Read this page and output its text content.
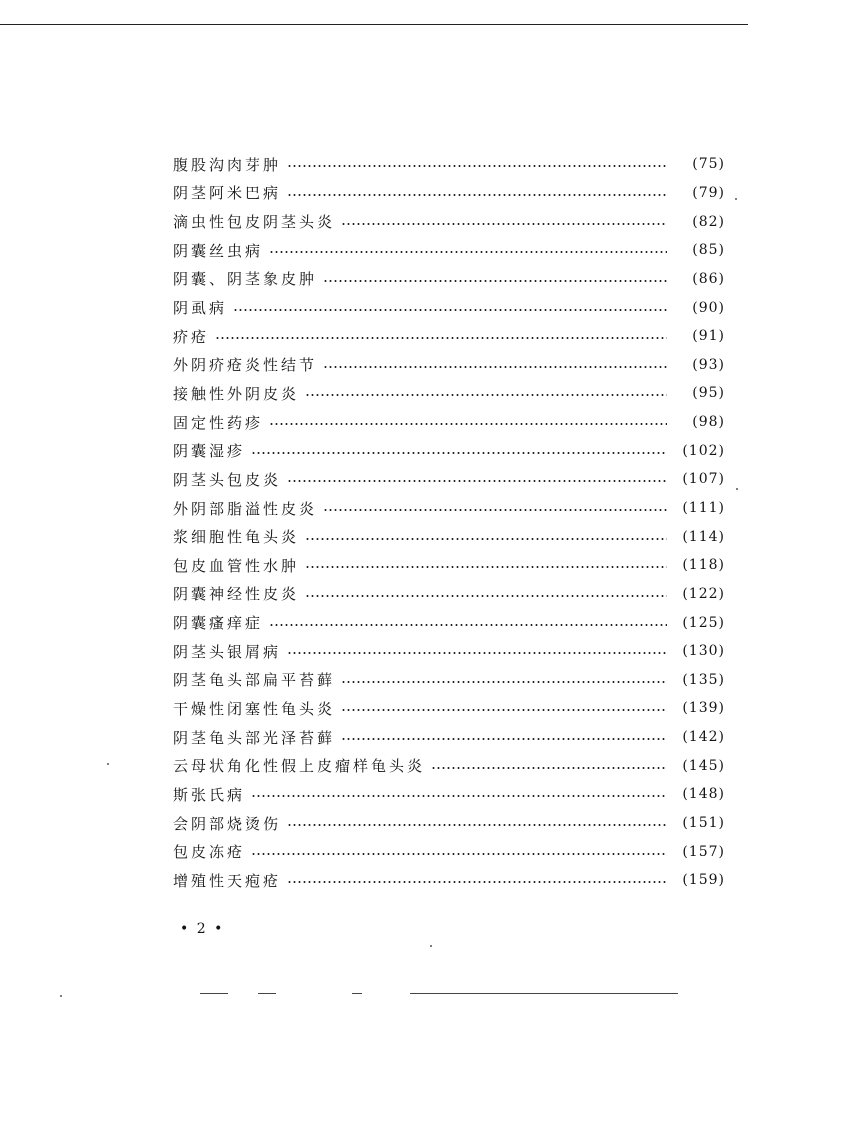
腹股沟肉芽肿	(75)
阴茎阿米巴病	(79)
滴虫性包皮阴茎头炎	(82)
阴囊丝虫病	(85)
阴囊、阴茎象皮肿	(86)
阴虱病	(90)
疥疮	(91)
外阴疥疮炎性结节	(93)
接触性外阴皮炎	(95)
固定性药疹	(98)
阴囊湿疹	(102)
阴茎头包皮炎	(107)
外阴部脂溢性皮炎	(111)
浆细胞性龟头炎	(114)
包皮血管性水肿	(118)
阴囊神经性皮炎	(122)
阴囊瘙痒症	(125)
阴茎头银屑病	(130)
阴茎龟头部扁平苔藓	(135)
干燥性闭塞性龟头炎	(139)
阴茎龟头部光泽苔藓	(142)
云母状角化性假上皮瘤样龟头炎	(145)
斯张氏病	(148)
会阴部烧烫伤	(151)
包皮冻疮	(157)
增殖性天疱疮	(159)
• 2 •
